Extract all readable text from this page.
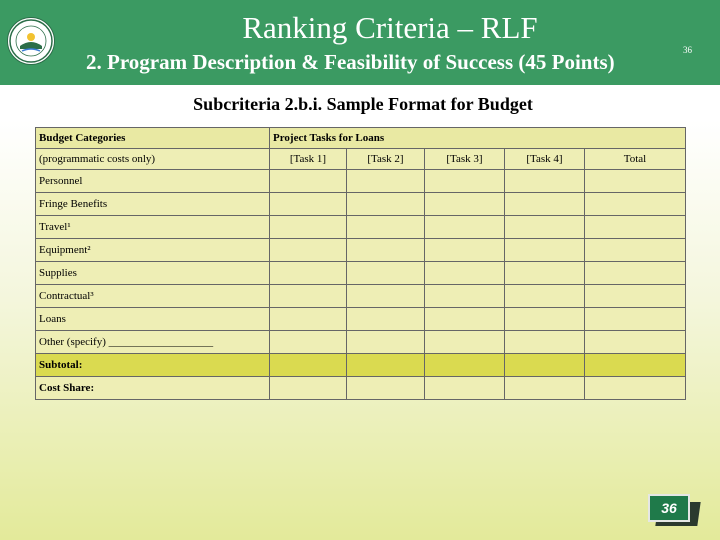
Ranking Criteria – RLF
2. Program Description & Feasibility of Success (45 Points)	36
Subcriteria 2.b.i. Sample Format for Budget
Budget Categories	Project Tasks for Loans				
(programmatic costs only)	[Task 1]	[Task 2]	[Task 3]	[Task 4]	Total
Personnel					
Fringe Benefits					
Travel¹					
Equipment²					
Supplies					
Contractual³					
Loans					
Other (specify) ___________________					
Subtotal:					
Cost Share:					
36
